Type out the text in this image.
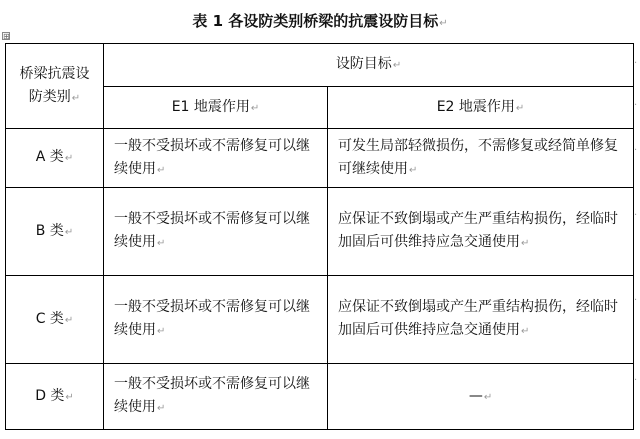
表 1 各设防类别桥梁的抗震设防目标↵
⊞
桥梁抗震设防类别↵	设防目标↵	
	E1 地震作用↵	E2 地震作用↵
A 类↵	一般不受损坏或不需修复可以继续使用↵	可发生局部轻微损伤，不需修复或经简单修复可继续使用↵
B 类↵	一般不受损坏或不需修复可以继续使用↵	应保证不致倒塌或产生严重结构损伤，经临时加固后可供维持应急交通使用↵
C 类↵	一般不受损坏或不需修复可以继续使用↵	应保证不致倒塌或产生严重结构损伤，经临时加固后可供维持应急交通使用↵
D 类↵	一般不受损坏或不需修复可以继续使用↵	—↵
·
·
·
·
·
·
